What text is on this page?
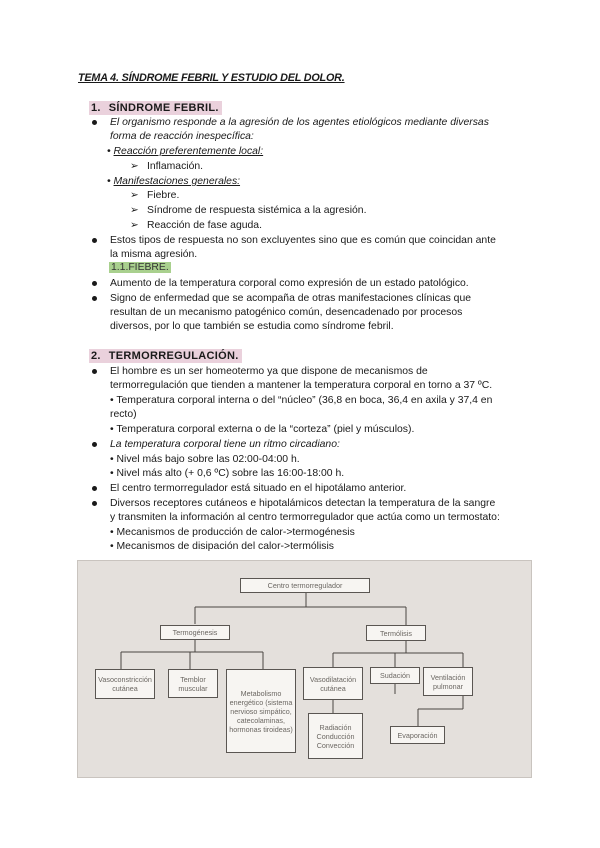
TEMA 4. SÍNDROME FEBRIL Y ESTUDIO DEL DOLOR.
1. SÍNDROME FEBRIL.
El organismo responde a la agresión de los agentes etiológicos mediante diversas
forma de reacción inespecífica:
• Reacción preferentemente local:
➢ Inflamación.
• Manifestaciones generales:
➢ Fiebre.
➢ Síndrome de respuesta sistémica a la agresión.
➢ Reacción de fase aguda.
Estos tipos de respuesta no son excluyentes sino que es común que coincidan ante
la misma agresión.
1.1.FIEBRE.
Aumento de la temperatura corporal como expresión de un estado patológico.
Signo de enfermedad que se acompaña de otras manifestaciones clínicas que
resultan de un mecanismo patogénico común, desencadenado por procesos
diversos, por lo que también se estudia como síndrome febril.
2. TERMORREGULACIÓN.
El hombre es un ser homeotermo ya que dispone de mecanismos de
termorregulación que tienden a mantener la temperatura corporal en torno a 37 ºC.
• Temperatura corporal interna o del “núcleo” (36,8 en boca, 36,4 en axila y 37,4 en
recto)
• Temperatura corporal externa o de la “corteza” (piel y músculos).
La temperatura corporal tiene un ritmo circadiano:
• Nivel más bajo sobre las 02:00-04:00 h.
• Nivel más alto (+ 0,6 ºC) sobre las 16:00-18:00 h.
El centro termorregulador está situado en el hipotálamo anterior.
Diversos receptores cutáneos e hipotalámicos detectan la temperatura de la sangre
y transmiten la información al centro termorregulador que actúa como un termostato:
• Mecanismos de producción de calor->termogénesis
• Mecanismos de disipación del calor->termólisis
Centro termorregulador
Termogénesis	Termólisis
Vasoconstricción cutánea
Temblor muscular
Metabolismo energético (sistema nervioso simpático, catecolaminas, hormonas tiroideas)
Vasodilatación cutánea
Sudación	Ventilación pulmonar
Radiación Conducción Convección
Evaporación
